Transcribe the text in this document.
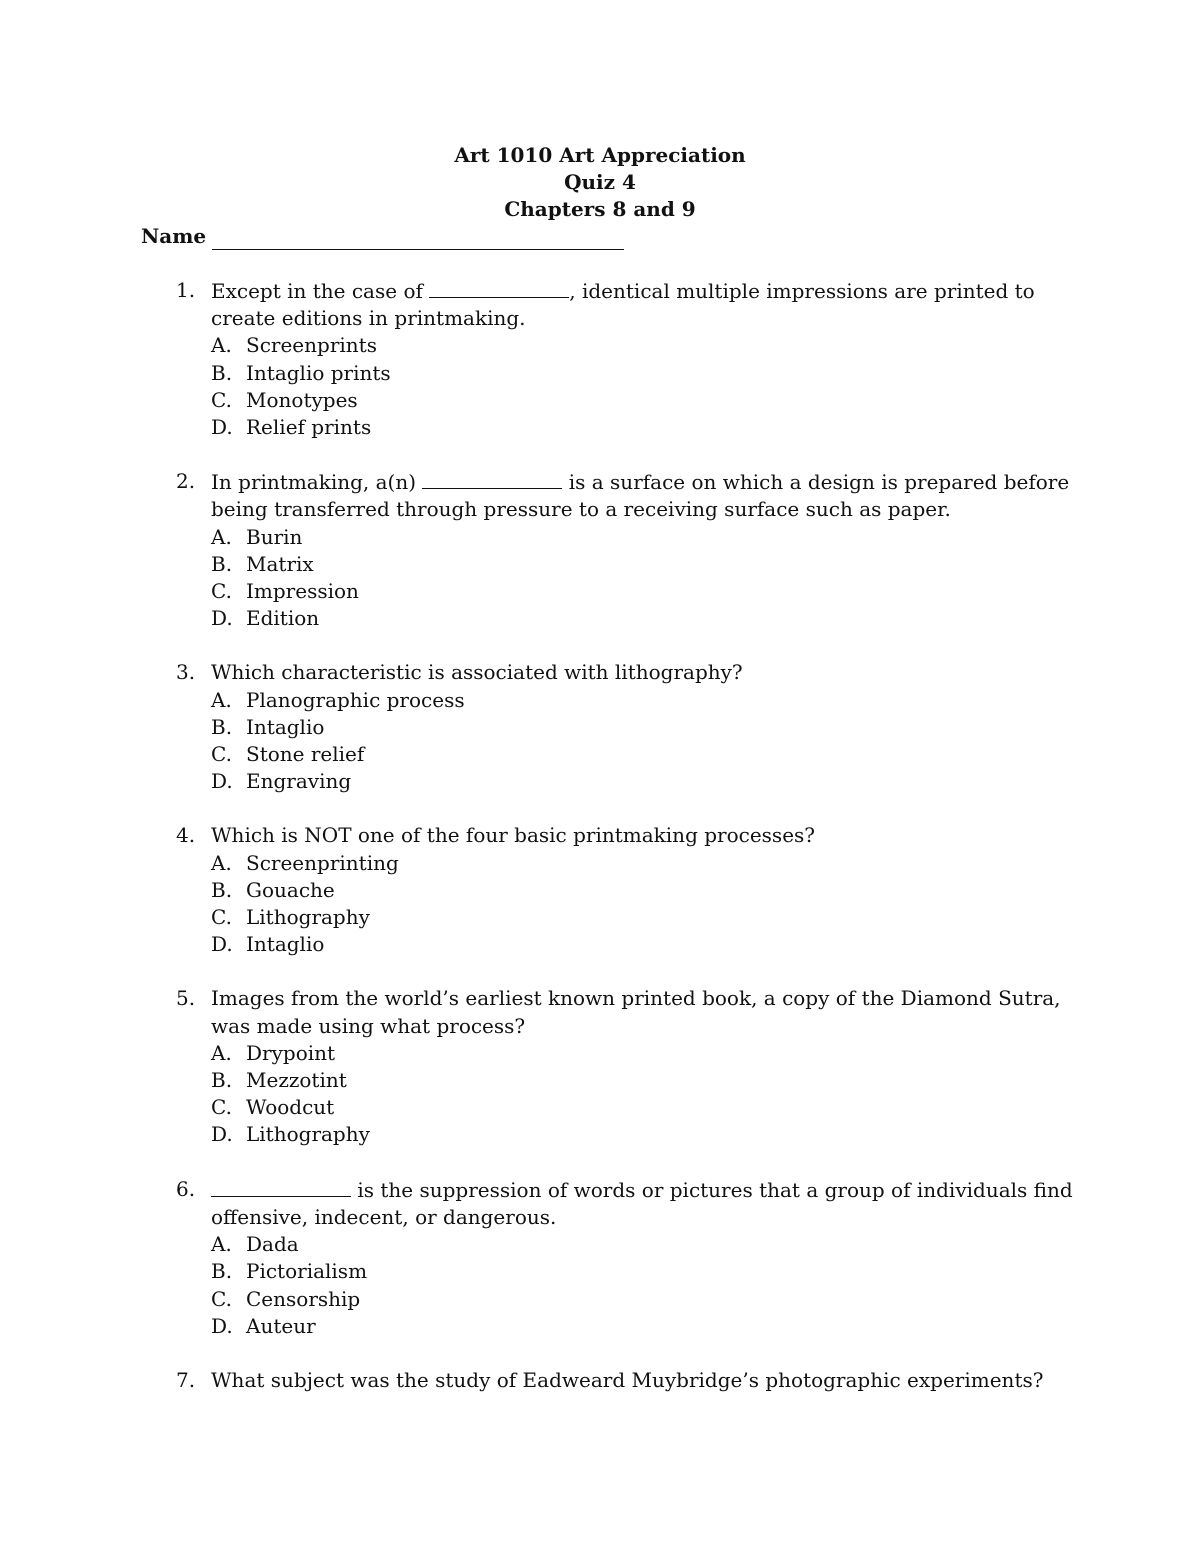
Art 1010 Art Appreciation
Quiz 4
Chapters 8 and 9
Name
1. Except in the case of	, identical multiple impressions are printed to create editions in printmaking.
A. Screenprints
B. Intaglio prints
C. Monotypes
D. Relief prints
2. In printmaking, a(n)	is a surface on which a design is prepared before being transferred through pressure to a receiving surface such as paper.
A. Burin
B. Matrix
C. Impression
D. Edition
3. Which characteristic is associated with lithography?
A. Planographic process
B. Intaglio
C. Stone relief
D. Engraving
4. Which is NOT one of the four basic printmaking processes?
A. Screenprinting
B. Gouache
C. Lithography
D. Intaglio
5. Images from the world’s earliest known printed book, a copy of the Diamond Sutra, was made using what process?
A. Drypoint
B. Mezzotint
C. Woodcut
D. Lithography
6.	is the suppression of words or pictures that a group of individuals find offensive, indecent, or dangerous.
A. Dada
B. Pictorialism
C. Censorship
D. Auteur
7. What subject was the study of Eadweard Muybridge’s photographic experiments?
